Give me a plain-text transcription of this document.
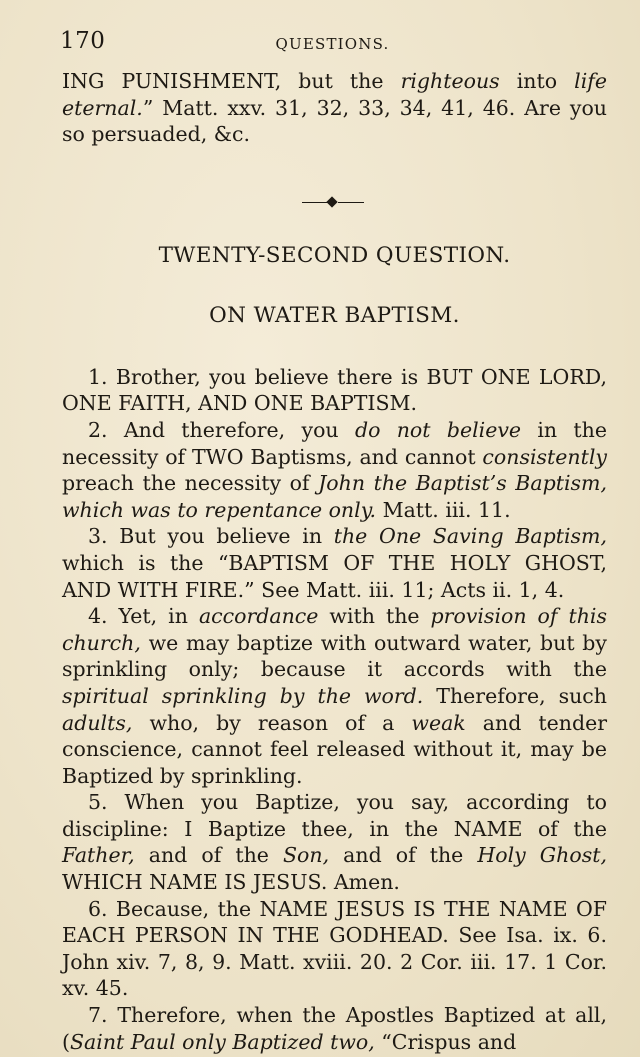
170	QUESTIONS.

ING PUNISHMENT, but the righteous into life eternal.” Matt. xxv. 31, 32, 33, 34, 41, 46. Are you so persuaded, &c.

TWENTY-SECOND QUESTION.
ON WATER BAPTISM.

1. Brother, you believe there is BUT ONE LORD, ONE FAITH, AND ONE BAPTISM.

2. And therefore, you do not believe in the necessity of TWO Baptisms, and cannot consistently preach the necessity of John the Baptist’s Baptism, which was to repentance only. Matt. iii. 11.

3. But you believe in the One Saving Baptism, which is the “BAPTISM OF THE HOLY GHOST, AND WITH FIRE.” See Matt. iii. 11; Acts ii. 1, 4.

4. Yet, in accordance with the provision of this church, we may baptize with outward water, but by sprinkling only; because it accords with the spiritual sprinkling by the word. Therefore, such adults, who, by reason of a weak and tender conscience, cannot feel released without it, may be Baptized by sprinkling.

5. When you Baptize, you say, according to discipline: I Baptize thee, in the NAME of the Father, and of the Son, and of the Holy Ghost, WHICH NAME IS JESUS. Amen.

6. Because, the NAME JESUS IS THE NAME OF EACH PERSON IN THE GODHEAD. See Isa. ix. 6. John xiv. 7, 8, 9. Matt. xviii. 20. 2 Cor. iii. 17. 1 Cor. xv. 45.

7. Therefore, when the Apostles Baptized at all, (Saint Paul only Baptized two, “Crispus and
